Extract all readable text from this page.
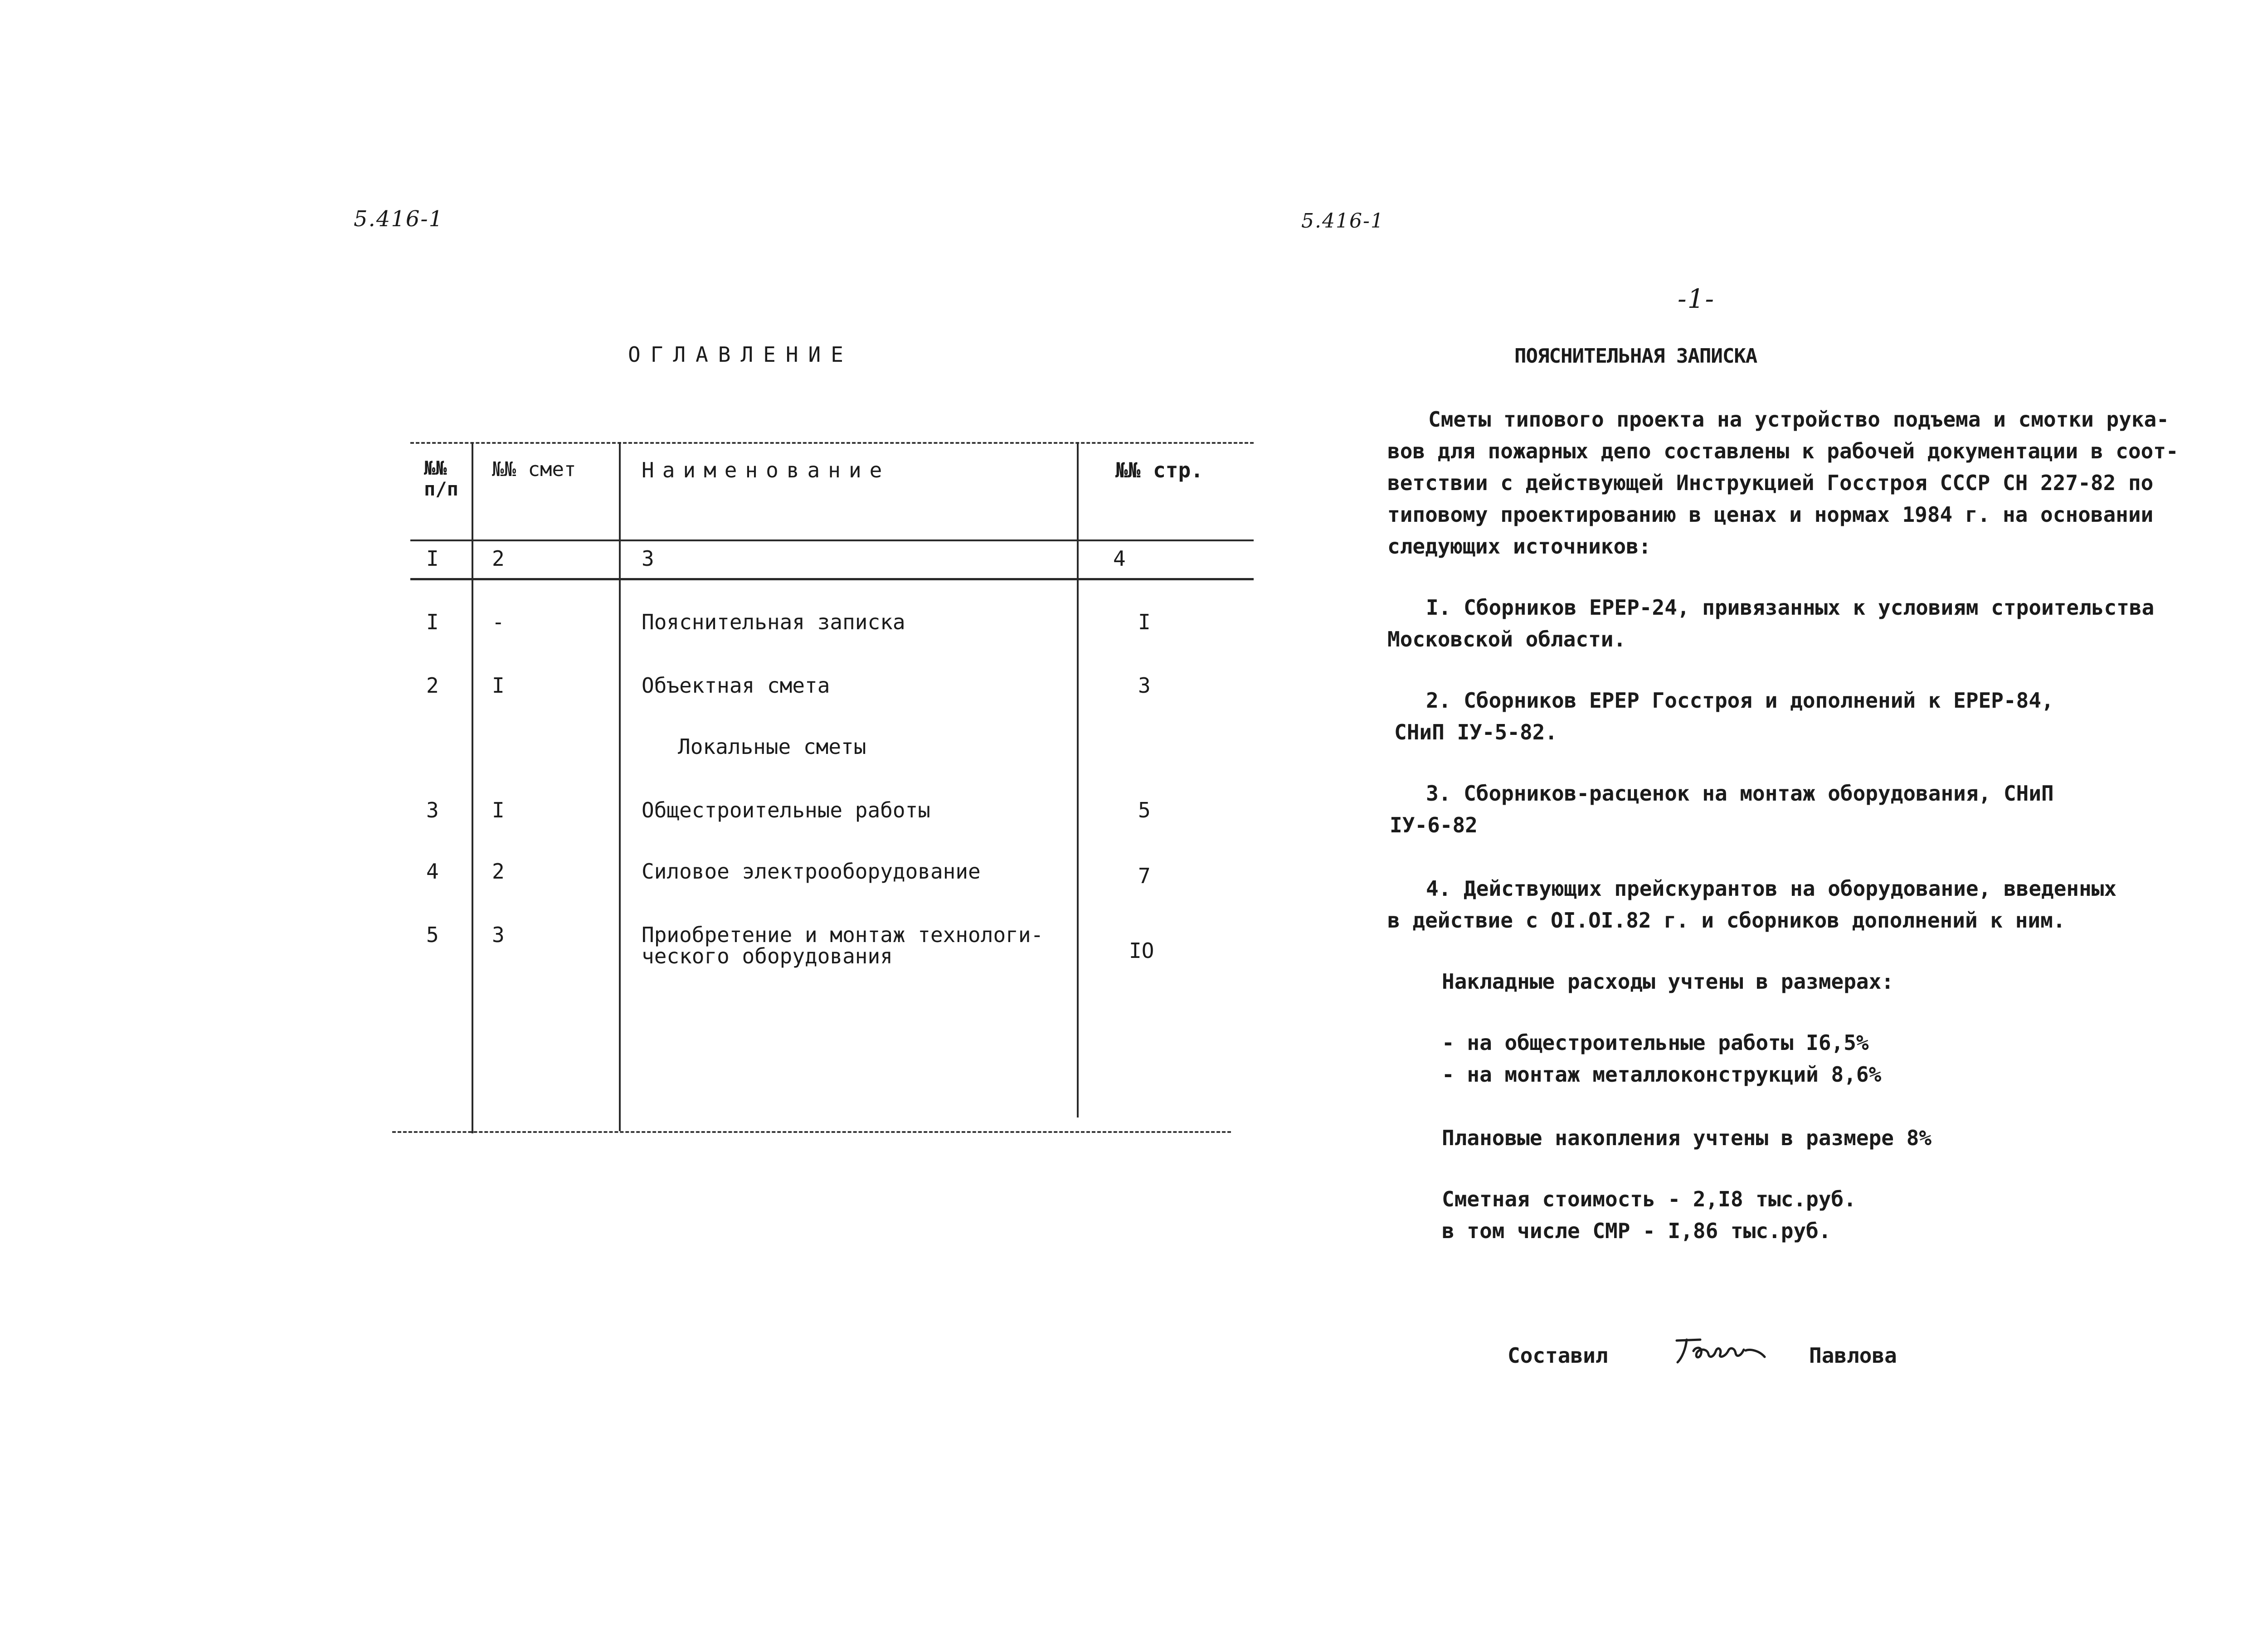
5.416-1
ОГЛАВЛЕНИЕ
№№ п/п
№№ смет	Наименование	№№ стр.
I	2	3	4
I	-	Пояснительная записка	I
2	I	Объектная смета	3
Локальные сметы
3	I	Общестроительные работы	5
4	2	Силовое электрооборудование	7
5	3	Приобретение и монтаж технологи-
ческого оборудования	IO
5.416-1
-1-
ПОЯСНИТЕЛЬНАЯ ЗАПИСКА
Сметы типового проекта на устройство подъема и смотки рука-
вов для пожарных депо составлены к рабочей документации в соот-
ветствии с действующей Инструкцией Госстроя СССР СН 227-82 по
типовому проектированию в ценах и нормах 1984 г. на основании
следующих источников:
I. Сборников ЕРЕР-24, привязанных к условиям строительства
Московской области.
2. Сборников ЕРЕР Госстроя и дополнений к ЕРЕР-84,
СНиП IУ-5-82.
3. Сборников-расценок на монтаж оборудования, СНиП
IУ-6-82
4. Действующих прейскурантов на оборудование, введенных
в действие с OI.OI.82 г. и сборников дополнений к ним.
Накладные расходы учтены в размерах:
- на общестроительные работы I6,5%
- на монтаж металлоконструкций 8,6%
Плановые накопления учтены в размере 8%
Сметная стоимость - 2,I8 тыс.руб.
в том числе СМР - I,86 тыс.руб.
Составил	Павлова
